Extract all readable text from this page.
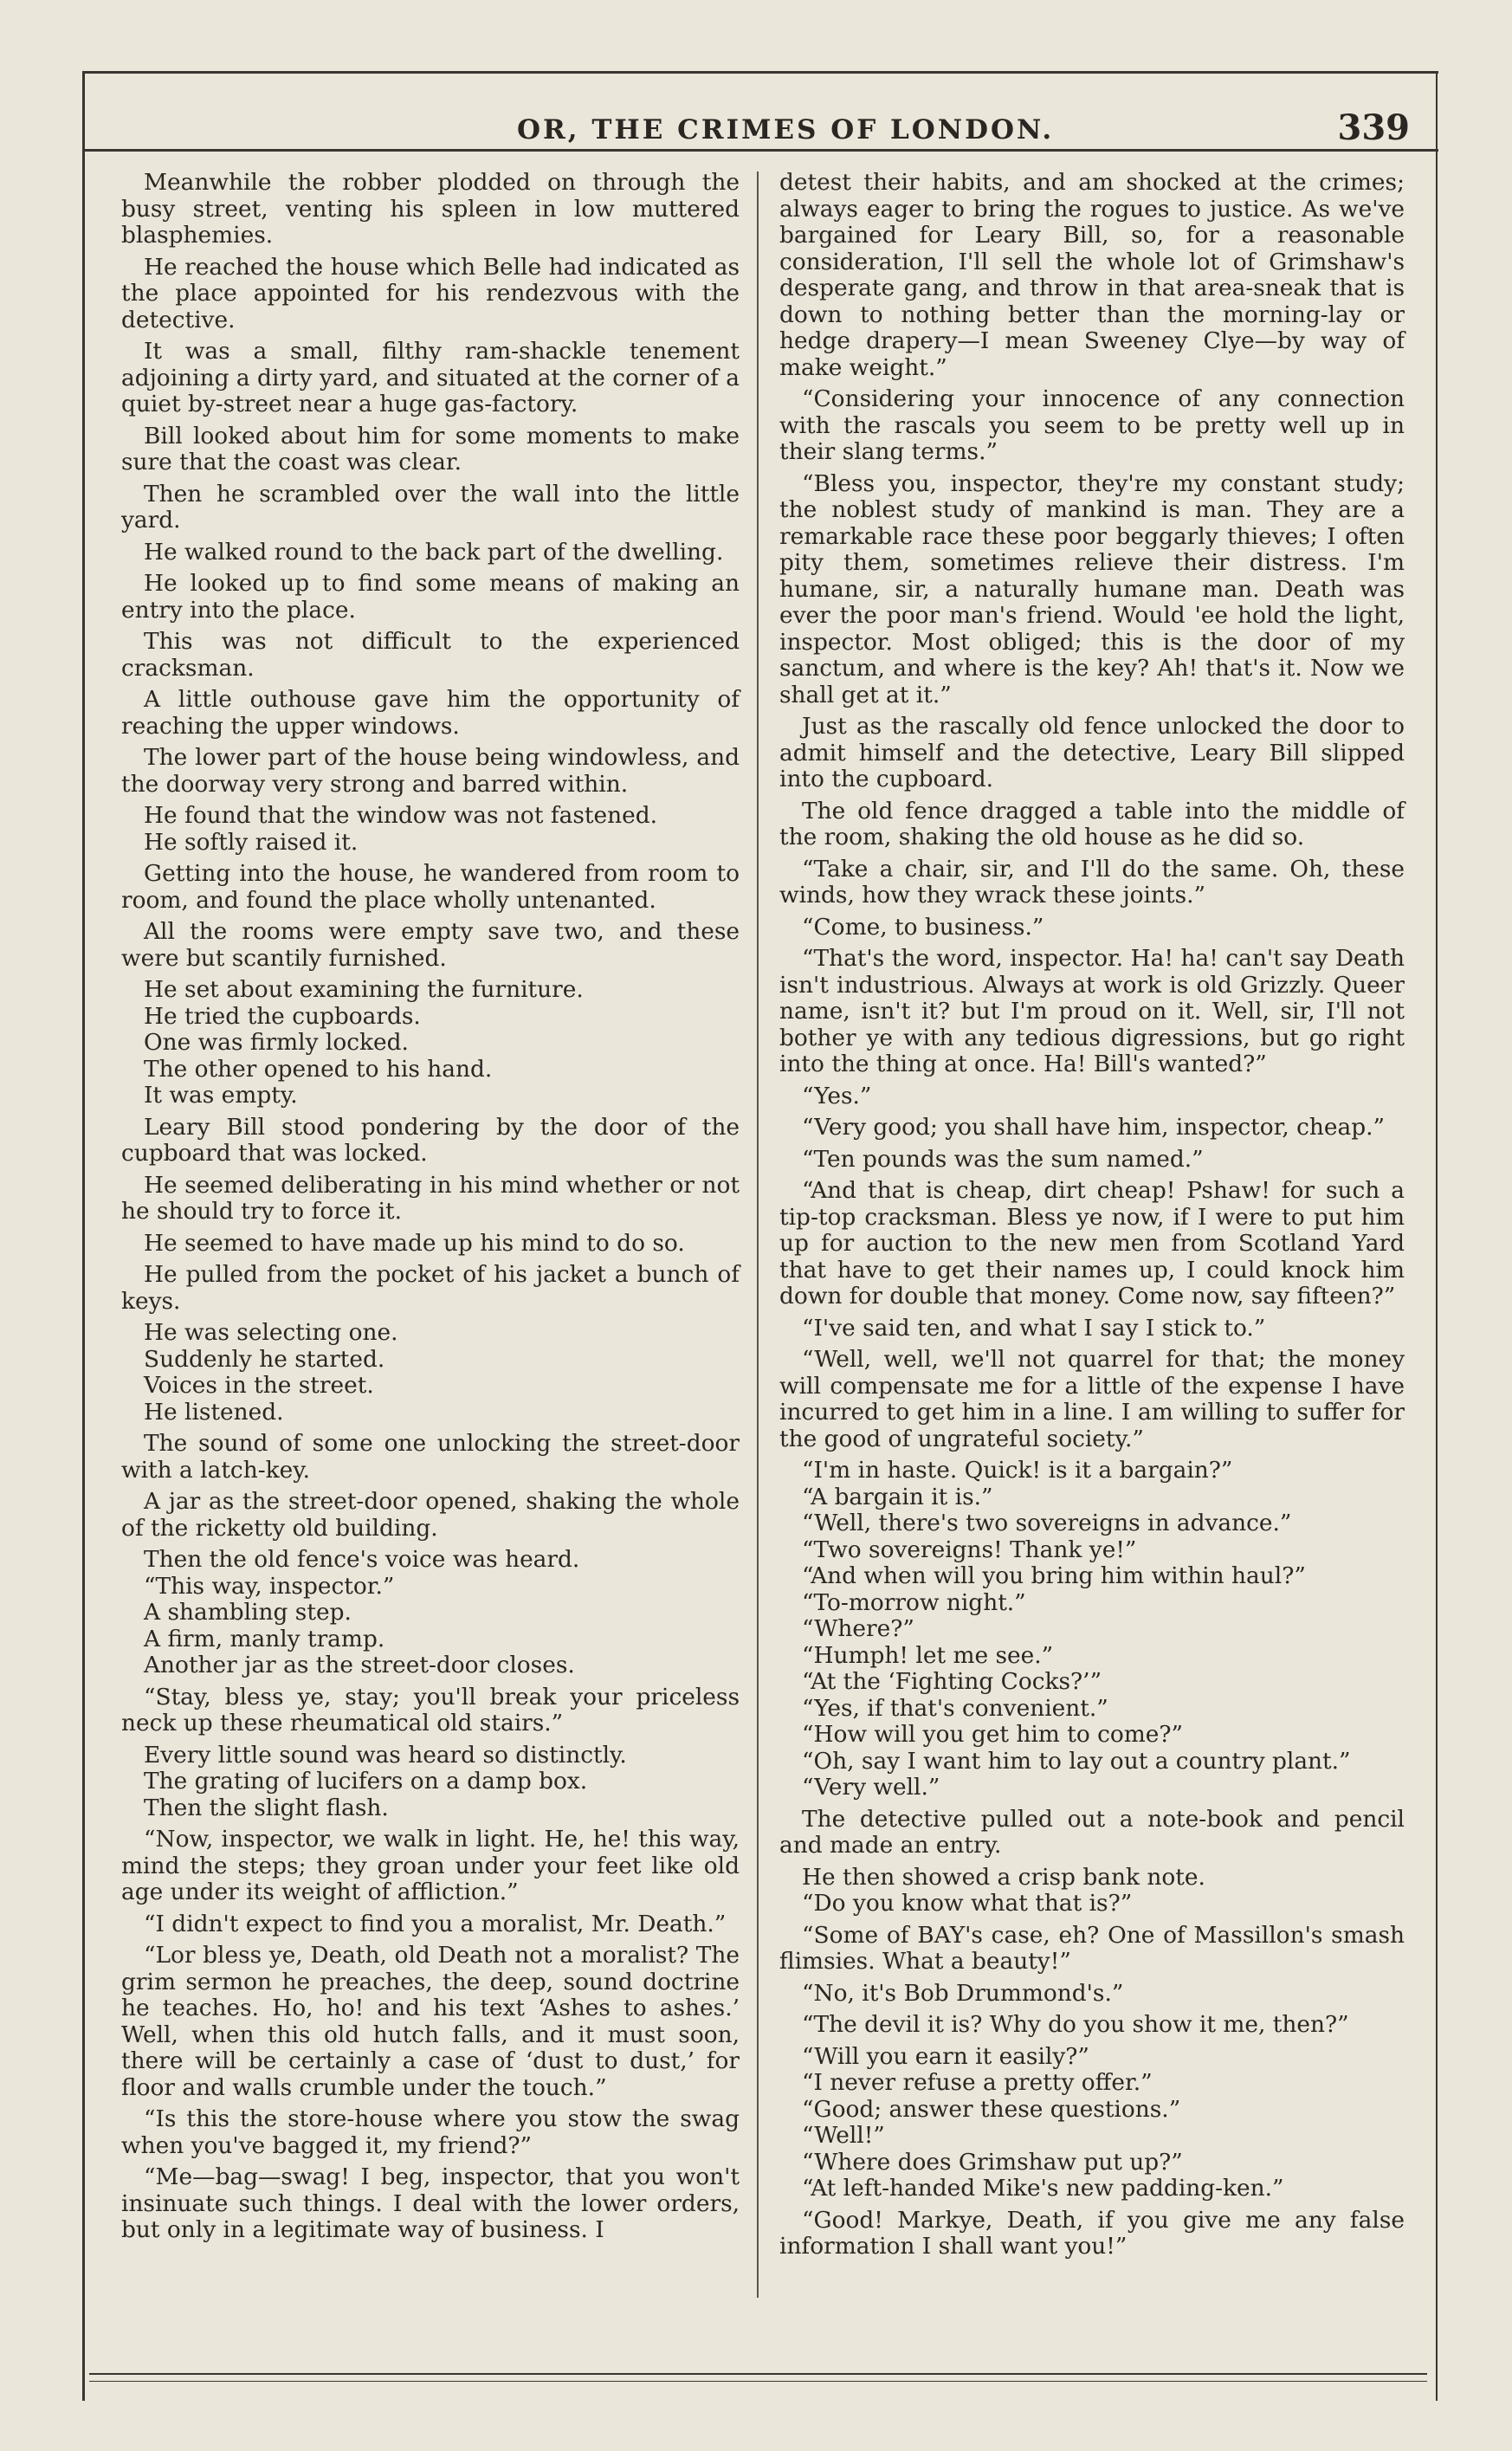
OR, THE CRIMES OF LONDON.	339

Meanwhile the robber plodded on through the busy street, venting his spleen in low muttered blasphemies.

He reached the house which Belle had indicated as the place appointed for his rendezvous with the detective.

It was a small, filthy ram-shackle tenement adjoining a dirty yard, and situated at the corner of a quiet by-street near a huge gas-factory.

Bill looked about him for some moments to make sure that the coast was clear.

Then he scrambled over the wall into the little yard.

He walked round to the back part of the dwelling.

He looked up to find some means of making an entry into the place.

This was not difficult to the experienced cracksman.

A little outhouse gave him the opportunity of reaching the upper windows.

The lower part of the house being windowless, and the doorway very strong and barred within.

He found that the window was not fastened.

He softly raised it.

Getting into the house, he wandered from room to room, and found the place wholly untenanted.

All the rooms were empty save two, and these were but scantily furnished.

He set about examining the furniture.

He tried the cupboards.

One was firmly locked.

The other opened to his hand.

It was empty.

Leary Bill stood pondering by the door of the cupboard that was locked.

He seemed deliberating in his mind whether or not he should try to force it.

He seemed to have made up his mind to do so.

He pulled from the pocket of his jacket a bunch of keys.

He was selecting one.

Suddenly he started.

Voices in the street.

He listened.

The sound of some one unlocking the street-door with a latch-key.

A jar as the street-door opened, shaking the whole of the ricketty old building.

Then the old fence's voice was heard.

“This way, inspector.”

A shambling step.

A firm, manly tramp.

Another jar as the street-door closes.

“Stay, bless ye, stay; you'll break your priceless neck up these rheumatical old stairs.”

Every little sound was heard so distinctly.

The grating of lucifers on a damp box.

Then the slight flash.

“Now, inspector, we walk in light. He, he! this way, mind the steps; they groan under your feet like old age under its weight of affliction.”

“I didn't expect to find you a moralist, Mr. Death.”

“Lor bless ye, Death, old Death not a moralist? The grim sermon he preaches, the deep, sound doctrine he teaches. Ho, ho! and his text ‘Ashes to ashes.’ Well, when this old hutch falls, and it must soon, there will be certainly a case of ‘dust to dust,’ for floor and walls crumble under the touch.”

“Is this the store-house where you stow the swag when you've bagged it, my friend?”

“Me—bag—swag! I beg, inspector, that you won't insinuate such things. I deal with the lower orders, but only in a legitimate way of business. I

detest their habits, and am shocked at the crimes; always eager to bring the rogues to justice. As we've bargained for Leary Bill, so, for a reasonable consideration, I'll sell the whole lot of Grimshaw's desperate gang, and throw in that area-sneak that is down to nothing better than the morning-lay or hedge drapery—I mean Sweeney Clye—by way of make weight.”

“Considering your innocence of any connection with the rascals you seem to be pretty well up in their slang terms.”

“Bless you, inspector, they're my constant study; the noblest study of mankind is man. They are a remarkable race these poor beggarly thieves; I often pity them, sometimes relieve their distress. I'm humane, sir, a naturally humane man. Death was ever the poor man's friend. Would 'ee hold the light, inspector. Most obliged; this is the door of my sanctum, and where is the key? Ah! that's it. Now we shall get at it.”

Just as the rascally old fence unlocked the door to admit himself and the detective, Leary Bill slipped into the cupboard.

The old fence dragged a table into the middle of the room, shaking the old house as he did so.

“Take a chair, sir, and I'll do the same. Oh, these winds, how they wrack these joints.”

“Come, to business.”

“That's the word, inspector. Ha! ha! can't say Death isn't industrious. Always at work is old Grizzly. Queer name, isn't it? but I'm proud on it. Well, sir, I'll not bother ye with any tedious digressions, but go right into the thing at once. Ha! Bill's wanted?”

“Yes.”

“Very good; you shall have him, inspector, cheap.”

“Ten pounds was the sum named.”

“And that is cheap, dirt cheap! Pshaw! for such a tip-top cracksman. Bless ye now, if I were to put him up for auction to the new men from Scotland Yard that have to get their names up, I could knock him down for double that money. Come now, say fifteen?”

“I've said ten, and what I say I stick to.”

“Well, well, we'll not quarrel for that; the money will compensate me for a little of the expense I have incurred to get him in a line. I am willing to suffer for the good of ungrateful society.”

“I'm in haste. Quick! is it a bargain?”

“A bargain it is.”

“Well, there's two sovereigns in advance.”

“Two sovereigns! Thank ye!”

“And when will you bring him within haul?”

“To-morrow night.”

“Where?”

“Humph! let me see.”

“At the ‘Fighting Cocks?’”

“Yes, if that's convenient.”

“How will you get him to come?”

“Oh, say I want him to lay out a country plant.”

“Very well.”

The detective pulled out a note-book and pencil and made an entry.

He then showed a crisp bank note.

“Do you know what that is?”

“Some of BAY's case, eh? One of Massillon's smash flimsies. What a beauty!”

“No, it's Bob Drummond's.”

“The devil it is? Why do you show it me, then?”

“Will you earn it easily?”

“I never refuse a pretty offer.”

“Good; answer these questions.”

“Well!”

“Where does Grimshaw put up?”

“At left-handed Mike's new padding-ken.”

“Good! Markye, Death, if you give me any false information I shall want you!”
